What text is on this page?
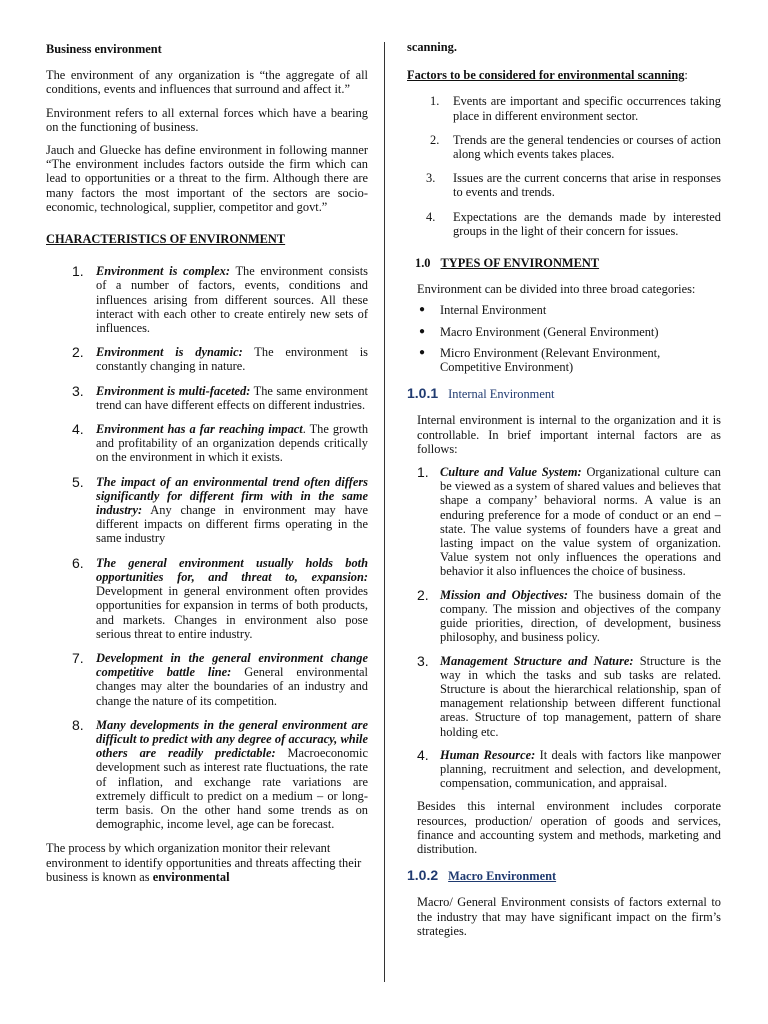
Business environment

The environment of any organization is “the aggregate of all conditions, events and influences that surround and affect it.”

Environment refers to all external forces which have a bearing on the functioning of business.

Jauch and Gluecke has define environment in following manner “The environment includes factors outside the firm which can lead to opportunities or a threat to the firm. Although there are many factors the most important of the sectors are socio- economic, technological, supplier, competitor and govt.”

CHARACTERISTICS OF ENVIRONMENT

1. Environment is complex: The environment consists of a number of factors, events, conditions and influences arising from different sources. All these interact with each other to create entirely new sets of influences.
2. Environment is dynamic: The environment is constantly changing in nature.
3. Environment is multi-faceted: The same environment trend can have different effects on different industries.
4. Environment has a far reaching impact. The growth and profitability of an organization depends critically on the environment in which it exists.
5. The impact of an environmental trend often differs significantly for different firm with in the same industry: Any change in environment may have different impacts on different firms operating in the same industry
6. The general environment usually holds both opportunities for, and threat to, expansion: Development in general environment often provides opportunities for expansion in terms of both products, and markets. Changes in environment also pose serious threat to entire industry.
7. Development in the general environment change competitive battle line: General environmental changes may alter the boundaries of an industry and change the nature of its competition.
8. Many developments in the general environment are difficult to predict with any degree of accuracy, while others are readily predictable: Macroeconomic development such as interest rate fluctuations, the rate of inflation, and exchange rate variations are extremely difficult to predict on a medium – or long-term basis. On the other hand some trends as on demographic, income level, age can be forecast.

The process by which organization monitor their relevant environment to identify opportunities and threats affecting their business is known as environmental

scanning.

Factors to be considered for environmental scanning:

1. Events are important and specific occurrences taking place in different environment sector.
2. Trends are the general tendencies or courses of action along which events takes places.
3. Issues are the current concerns that arise in responses to events and trends.
4. Expectations are the demands made by interested groups in the light of their concern for issues.

1.0 TYPES OF ENVIRONMENT

Environment can be divided into three broad categories:

● Internal Environment
● Macro Environment (General Environment)
● Micro Environment (Relevant Environment, Competitive Environment)

1.0.1 Internal Environment

Internal environment is internal to the organization and it is controllable. In brief important internal factors are as follows:

1. Culture and Value System: Organizational culture can be viewed as a system of shared values and believes that shape a company’ behavioral norms. A value is an enduring preference for a mode of conduct or an end – state. The value systems of founders have a great and lasting impact on the value system of organization. Value system not only influences the operations and behavior it also influences the choice of business.
2. Mission and Objectives: The business domain of the company. The mission and objectives of the company guide priorities, direction, of development, business philosophy, and business policy.
3. Management Structure and Nature: Structure is the way in which the tasks and sub tasks are related. Structure is about the hierarchical relationship, span of management relationship between different functional areas. Structure of top management, pattern of share holding etc.
4. Human Resource: It deals with factors like manpower planning, recruitment and selection, and development, compensation, communication, and appraisal.

Besides this internal environment includes corporate resources, production/ operation of goods and services, finance and accounting system and methods, marketing and distribution.

1.0.2 Macro Environment

Macro/ General Environment consists of factors external to the industry that may have significant impact on the firm’s strategies.
